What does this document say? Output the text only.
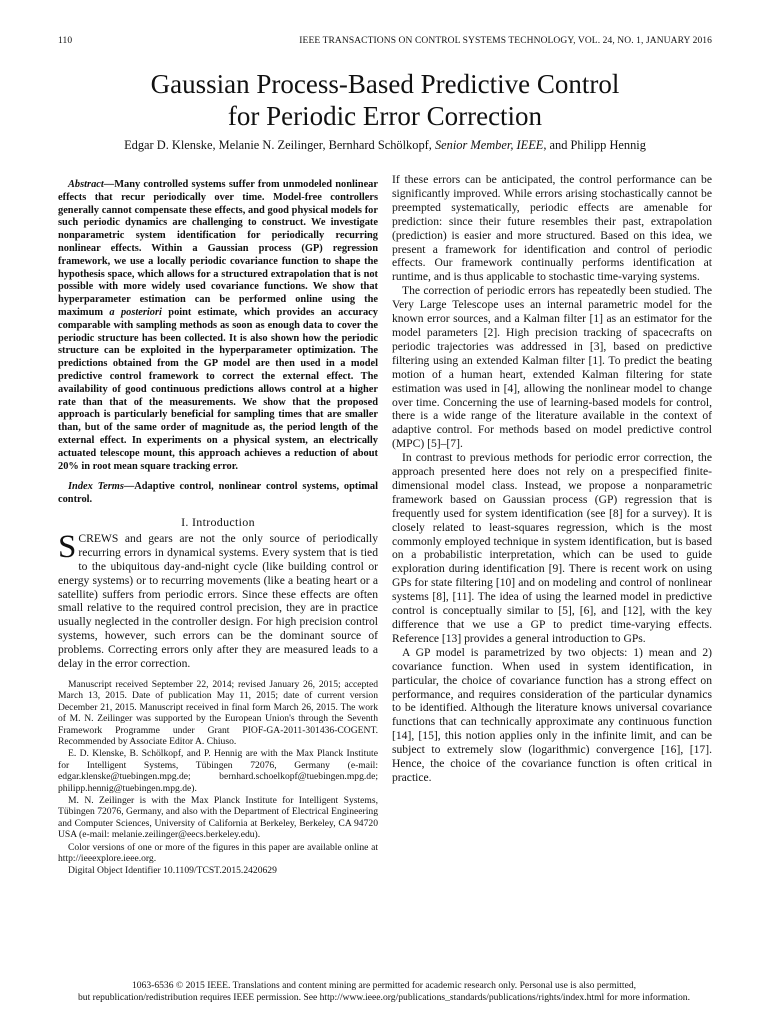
110	IEEE TRANSACTIONS ON CONTROL SYSTEMS TECHNOLOGY, VOL. 24, NO. 1, JANUARY 2016
Gaussian Process-Based Predictive Control
for Periodic Error Correction
Edgar D. Klenske, Melanie N. Zeilinger, Bernhard Schölkopf, Senior Member, IEEE, and Philipp Hennig

Abstract—Many controlled systems suffer from unmodeled nonlinear effects that recur periodically over time. Model-free controllers generally cannot compensate these effects, and good physical models for such periodic dynamics are challenging to construct. We investigate nonparametric system identification for periodically recurring nonlinear effects. Within a Gaussian process (GP) regression framework, we use a locally periodic covariance function to shape the hypothesis space, which allows for a structured extrapolation that is not possible with more widely used covariance functions. We show that hyperparameter estimation can be performed online using the maximum a posteriori point estimate, which provides an accuracy comparable with sampling methods as soon as enough data to cover the periodic structure has been collected. It is also shown how the periodic structure can be exploited in the hyperparameter optimization. The predictions obtained from the GP model are then used in a model predictive control framework to correct the external effect. The availability of good continuous predictions allows control at a higher rate than that of the measurements. We show that the proposed approach is particularly beneficial for sampling times that are smaller than, but of the same order of magnitude as, the period length of the external effect. In experiments on a physical system, an electrically actuated telescope mount, this approach achieves a reduction of about 20% in root mean square tracking error.

Index Terms—Adaptive control, nonlinear control systems, optimal control.

I. Introduction

SCREWS and gears are not the only source of periodically recurring errors in dynamical systems. Every system that is tied to the ubiquitous day-and-night cycle (like building control or energy systems) or to recurring movements (like a beating heart or a satellite) suffers from periodic errors. Since these effects are often small relative to the required control precision, they are in practice usually neglected in the controller design. For high precision control systems, however, such errors can be the dominant source of problems. Correcting errors only after they are measured leads to a delay in the error correction.

Manuscript received September 22, 2014; revised January 26, 2015; accepted March 13, 2015. Date of publication May 11, 2015; date of current version December 21, 2015. Manuscript received in final form March 26, 2015. The work of M. N. Zeilinger was supported by the European Union's through the Seventh Framework Programme under Grant PIOF-GA-2011-301436-COGENT. Recommended by Associate Editor A. Chiuso.

E. D. Klenske, B. Schölkopf, and P. Hennig are with the Max Planck Institute for Intelligent Systems, Tübingen 72076, Germany (e-mail: edgar.klenske@tuebingen.mpg.de; bernhard.schoelkopf@tuebingen.mpg.de; philipp.hennig@tuebingen.mpg.de).

M. N. Zeilinger is with the Max Planck Institute for Intelligent Systems, Tübingen 72076, Germany, and also with the Department of Electrical Engineering and Computer Sciences, University of California at Berkeley, Berkeley, CA 94720 USA (e-mail: melanie.zeilinger@eecs.berkeley.edu).

Color versions of one or more of the figures in this paper are available online at http://ieeexplore.ieee.org.

Digital Object Identifier 10.1109/TCST.2015.2420629

If these errors can be anticipated, the control performance can be significantly improved. While errors arising stochastically cannot be preempted systematically, periodic effects are amenable for prediction: since their future resembles their past, extrapolation (prediction) is easier and more structured. Based on this idea, we present a framework for identification and control of periodic effects. Our framework continually performs identification at runtime, and is thus applicable to stochastic time-varying systems.

The correction of periodic errors has repeatedly been studied. The Very Large Telescope uses an internal parametric model for the known error sources, and a Kalman filter [1] as an estimator for the model parameters [2]. High precision tracking of spacecrafts on periodic trajectories was addressed in [3], based on predictive filtering using an extended Kalman filter [1]. To predict the beating motion of a human heart, extended Kalman filtering for state estimation was used in [4], allowing the nonlinear model to change over time. Concerning the use of learning-based models for control, there is a wide range of the literature available in the context of adaptive control. For methods based on model predictive control (MPC) [5]–[7].

In contrast to previous methods for periodic error correction, the approach presented here does not rely on a prespecified finite-dimensional model class. Instead, we propose a nonparametric framework based on Gaussian process (GP) regression that is frequently used for system identification (see [8] for a survey). It is closely related to least-squares regression, which is the most commonly employed technique in system identification, but is based on a probabilistic interpretation, which can be used to guide exploration during identification [9]. There is recent work on using GPs for state filtering [10] and on modeling and control of nonlinear systems [8], [11]. The idea of using the learned model in predictive control is conceptually similar to [5], [6], and [12], with the key difference that we use a GP to predict time-varying effects. Reference [13] provides a general introduction to GPs.

A GP model is parametrized by two objects: 1) mean and 2) covariance function. When used in system identification, in particular, the choice of covariance function has a strong effect on performance, and requires consideration of the particular dynamics to be identified. Although the literature knows universal covariance functions that can technically approximate any continuous function [14], [15], this notion applies only in the infinite limit, and can be subject to extremely slow (logarithmic) convergence [16], [17]. Hence, the choice of the covariance function is often critical in practice.

1063-6536 © 2015 IEEE. Translations and content mining are permitted for academic research only. Personal use is also permitted,
but republication/redistribution requires IEEE permission. See http://www.ieee.org/publications_standards/publications/rights/index.html for more information.
